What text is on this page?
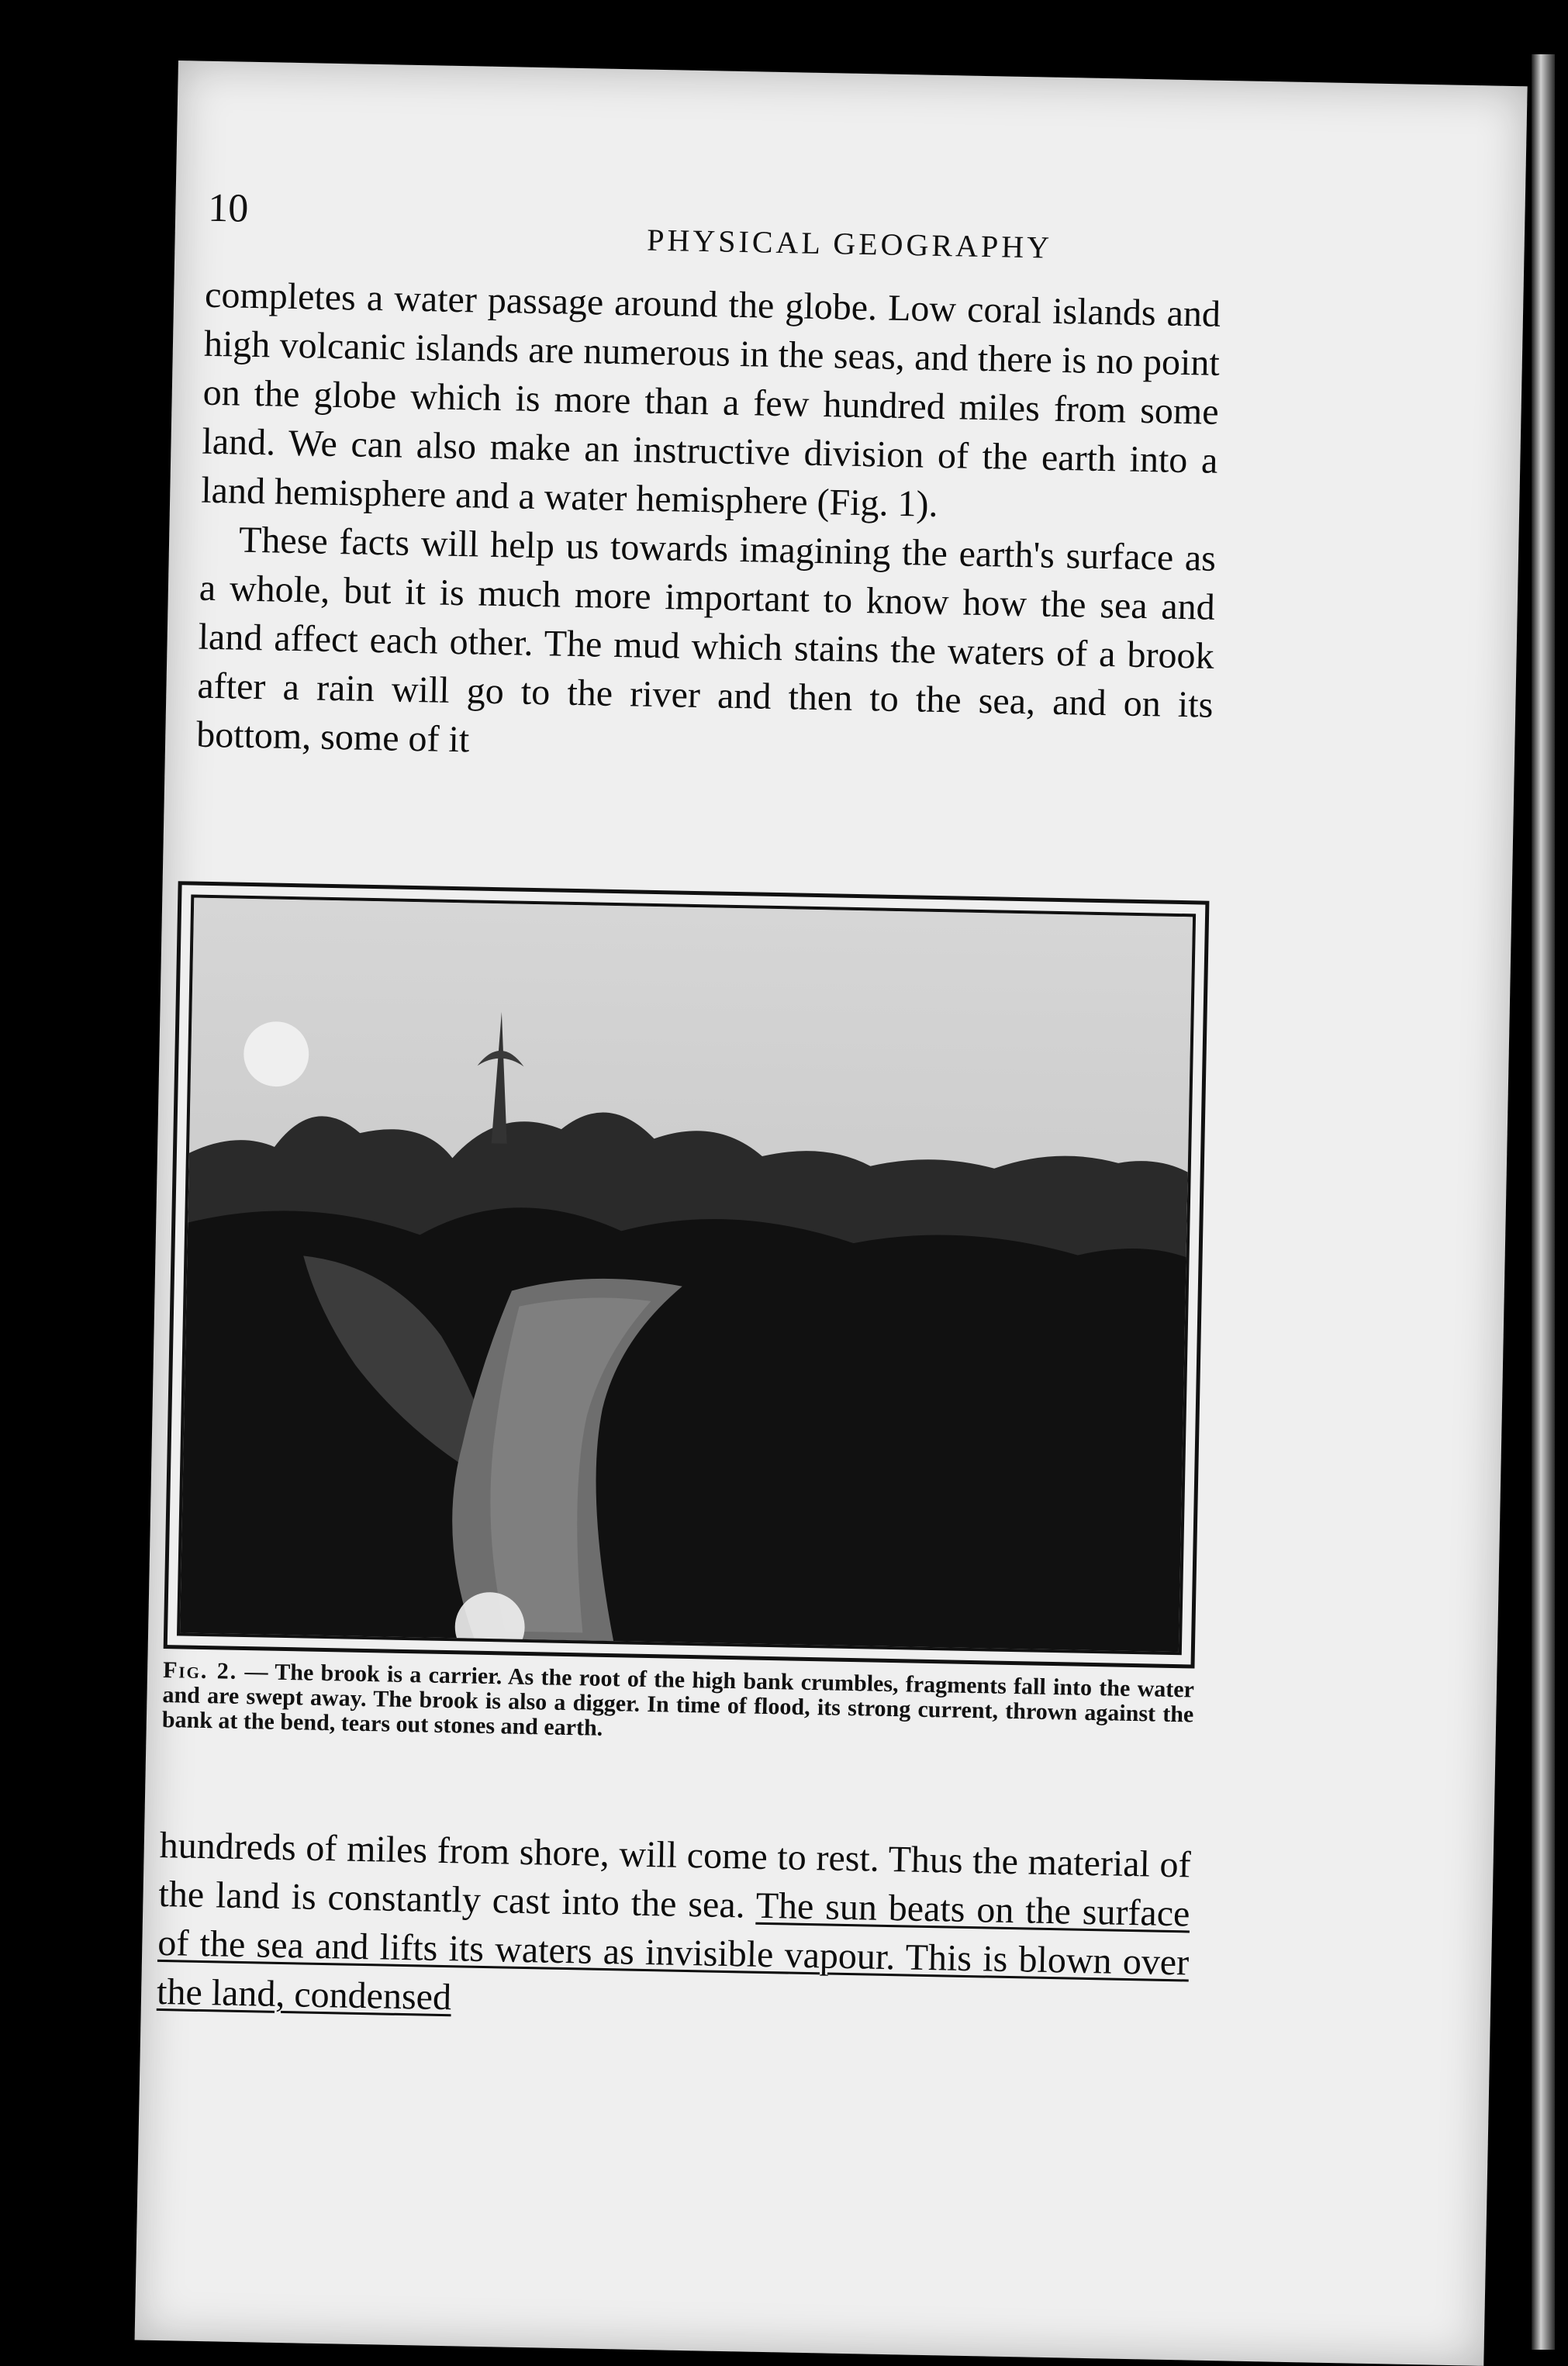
10
PHYSICAL GEOGRAPHY

completes a water passage around the globe. Low coral islands and high volcanic islands are numerous in the seas, and there is no point on the globe which is more than a few hundred miles from some land. We can also make an instructive division of the earth into a land hemisphere and a water hemisphere (Fig. 1).

These facts will help us towards imagining the earth's surface as a whole, but it is much more important to know how the sea and land affect each other. The mud which stains the waters of a brook after a rain will go to the river and then to the sea, and on its bottom, some of it

Fig. 2. — The brook is a carrier. As the root of the high bank crumbles, fragments fall into the water and are swept away. The brook is also a digger. In time of flood, its strong current, thrown against the bank at the bend, tears out stones and earth.

hundreds of miles from shore, will come to rest. Thus the material of the land is constantly cast into the sea. The sun beats on the surface of the sea and lifts its waters as invisible vapour. This is blown over the land, condensed
